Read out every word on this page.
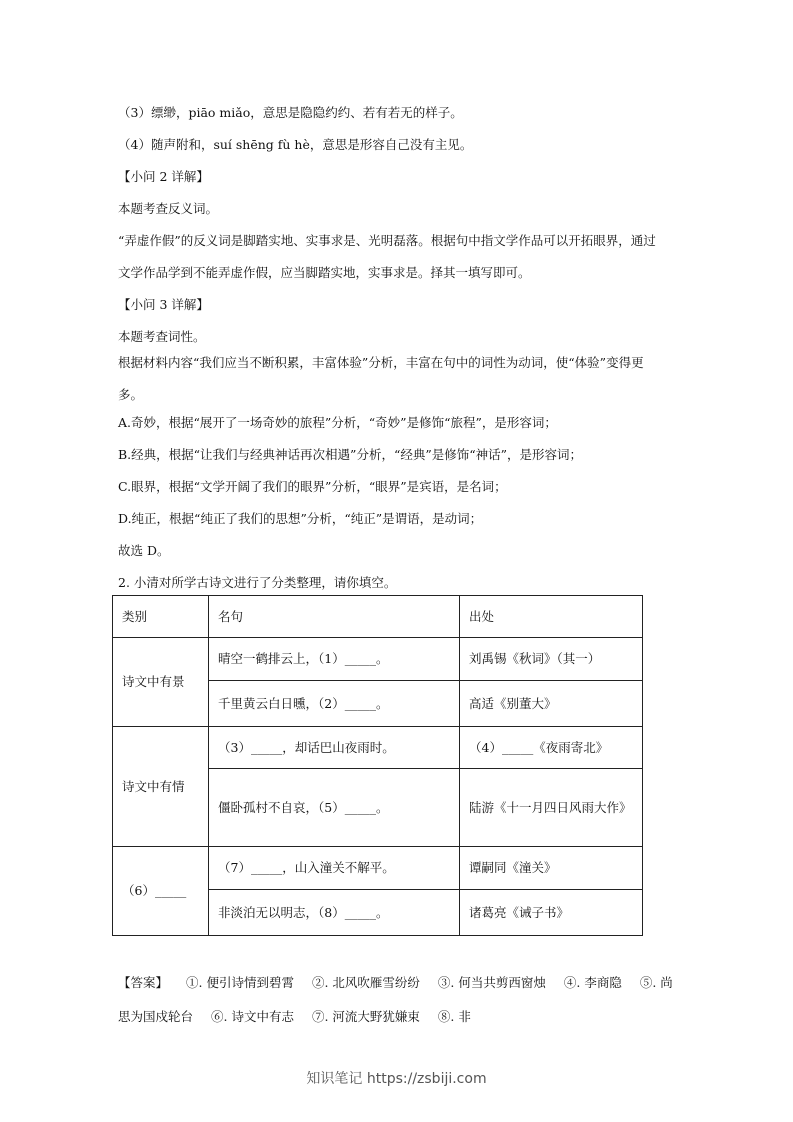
（3）缥缈，piāo miǎo，意思是隐隐约约、若有若无的样子。
（4）随声附和，suí shēng fù hè，意思是形容自己没有主见。
【小问 2 详解】
本题考查反义词。
“弄虚作假”的反义词是脚踏实地、实事求是、光明磊落。根据句中指文学作品可以开拓眼界，通过文学作品学到不能弄虚作假，应当脚踏实地，实事求是。择其一填写即可。
【小问 3 详解】
本题考查词性。
根据材料内容“我们应当不断积累，丰富体验”分析，丰富在句中的词性为动词，使“体验”变得更多。
A.奇妙，根据“展开了一场奇妙的旅程”分析，“奇妙”是修饰“旅程”，是形容词；
B.经典，根据“让我们与经典神话再次相遇”分析，“经典”是修饰“神话”，是形容词；
C.眼界，根据“文学开阔了我们的眼界”分析，“眼界”是宾语，是名词；
D.纯正，根据“纯正了我们的思想”分析，“纯正”是谓语，是动词；
故选 D。
2. 小清对所学古诗文进行了分类整理，请你填空。
类别	名句	出处
诗文中有景	晴空一鹤排云上，（1）_____。	刘禹锡《秋词》（其一）
	千里黄云白日曛，（2）_____。	高适《别董大》
诗文中有情	（3）_____，却话巴山夜雨时。	（4）_____《夜雨寄北》
	僵卧孤村不自哀，（5）_____。	陆游《十一月四日风雨大作》
（6）_____	（7）_____，山入潼关不解平。	谭嗣同《潼关》
	非淡泊无以明志，（8）_____。	诸葛亮《诫子书》
【答案】 ①. 便引诗情到碧霄 ②. 北风吹雁雪纷纷 ③. 何当共剪西窗烛 ④. 李商隐 ⑤. 尚思为国戍轮台 ⑥. 诗文中有志 ⑦. 河流大野犹嫌束 ⑧. 非
知识笔记 https://zsbiji.com
